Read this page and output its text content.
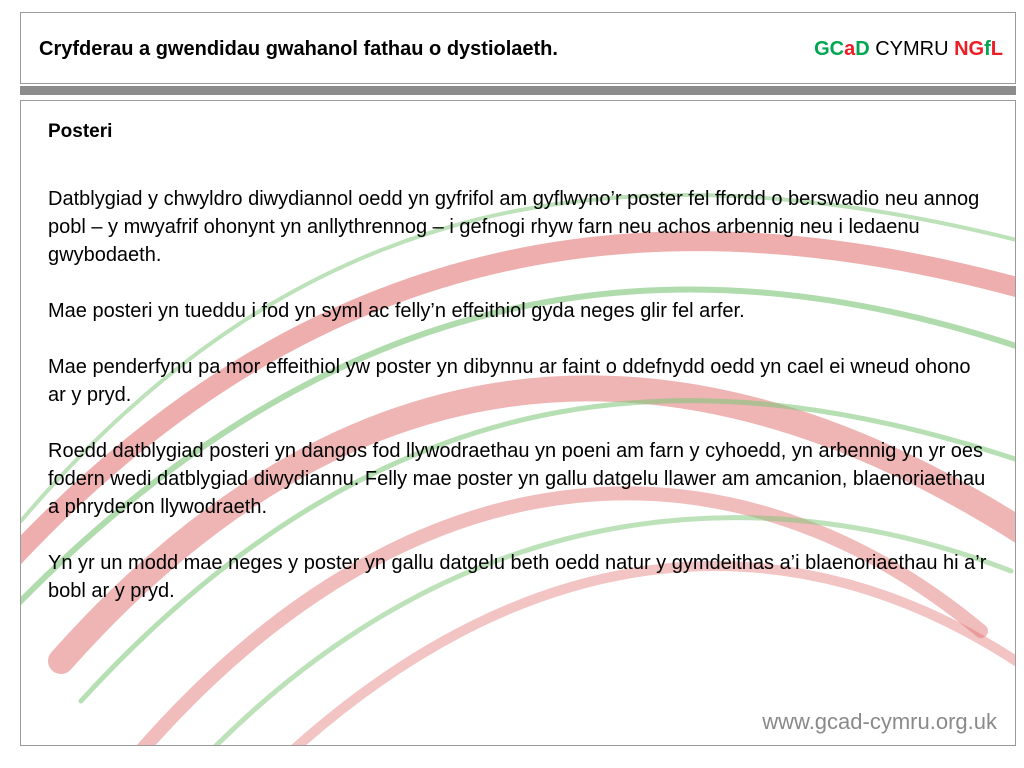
Cryfderau a gwendidau gwahanol fathau o dystiolaeth.	GCaD CYMRU NGfL
Posteri

Datblygiad y chwyldro diwydiannol oedd yn gyfrifol am gyflwyno’r poster fel ffordd o berswadio neu annog pobl – y mwyafrif ohonynt yn anllythrennog – i gefnogi rhyw farn neu achos arbennig neu i ledaenu gwybodaeth.

Mae posteri yn tueddu i fod yn syml ac felly’n effeithiol gyda neges glir fel arfer.

Mae penderfynu pa mor effeithiol yw poster yn dibynnu ar faint o ddefnydd oedd yn cael ei wneud ohono ar y pryd.

Roedd datblygiad posteri yn dangos fod llywodraethau yn poeni am farn y cyhoedd, yn arbennig yn yr oes fodern wedi datblygiad diwydiannu. Felly mae poster yn gallu datgelu llawer am amcanion, blaenoriaethau a phryderon llywodraeth.

Yn yr un modd mae neges y poster yn gallu datgelu beth oedd natur y gymdeithas a’i blaenoriaethau hi a’r bobl ar y pryd.

www.gcad-cymru.org.uk
